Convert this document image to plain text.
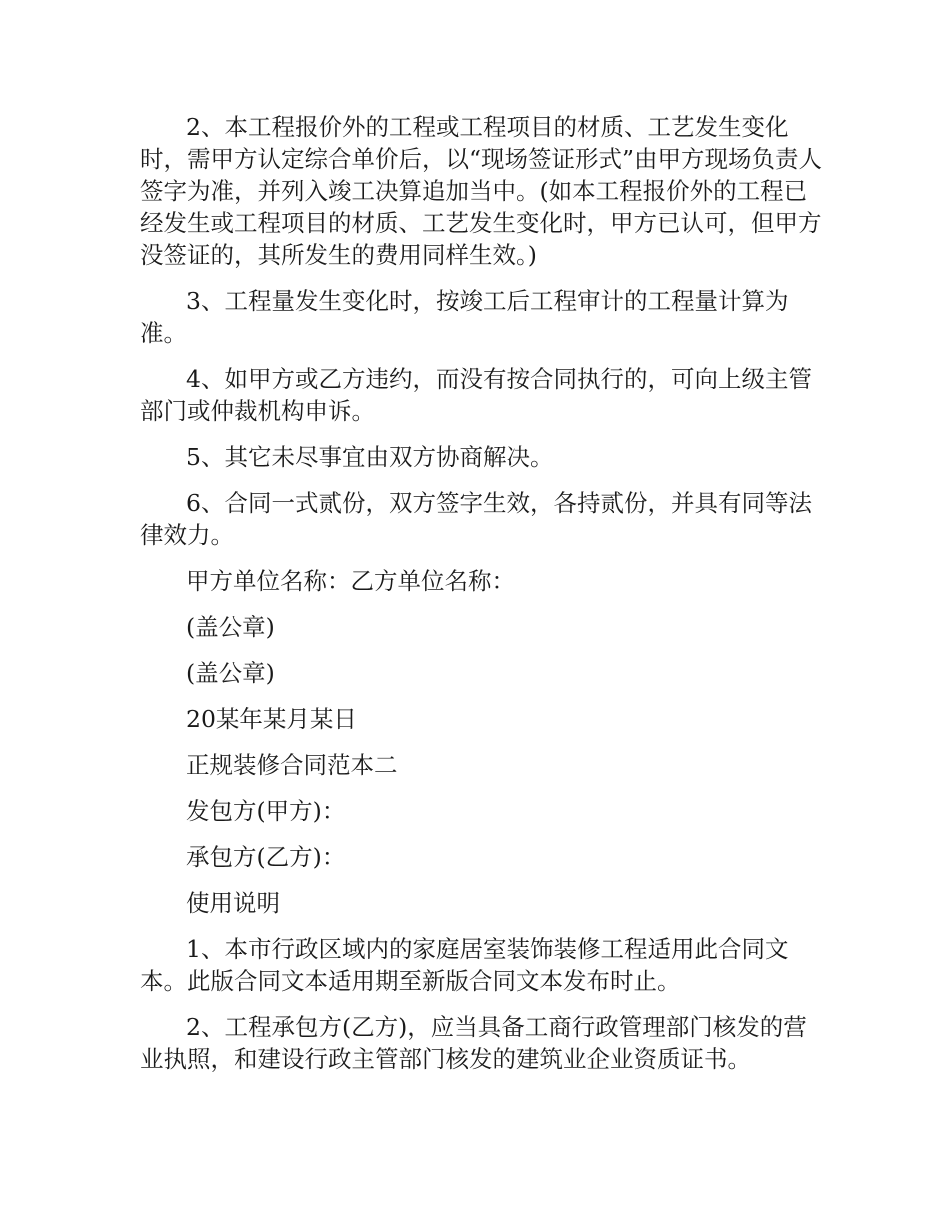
2、本工程报价外的工程或工程项目的材质、工艺发生变化时，需甲方认定综合单价后，以“现场签证形式”由甲方现场负责人签字为准，并列入竣工决算追加当中。(如本工程报价外的工程已经发生或工程项目的材质、工艺发生变化时，甲方已认可，但甲方没签证的，其所发生的费用同样生效。)

3、工程量发生变化时，按竣工后工程审计的工程量计算为准。

4、如甲方或乙方违约，而没有按合同执行的，可向上级主管部门或仲裁机构申诉。

5、其它未尽事宜由双方协商解决。

6、合同一式贰份，双方签字生效，各持贰份，并具有同等法律效力。

甲方单位名称：乙方单位名称：

(盖公章)

(盖公章)

20某年某月某日

正规装修合同范本二

发包方(甲方)：

承包方(乙方)：

使用说明

1、本市行政区域内的家庭居室装饰装修工程适用此合同文本。此版合同文本适用期至新版合同文本发布时止。

2、工程承包方(乙方)，应当具备工商行政管理部门核发的营业执照，和建设行政主管部门核发的建筑业企业资质证书。
